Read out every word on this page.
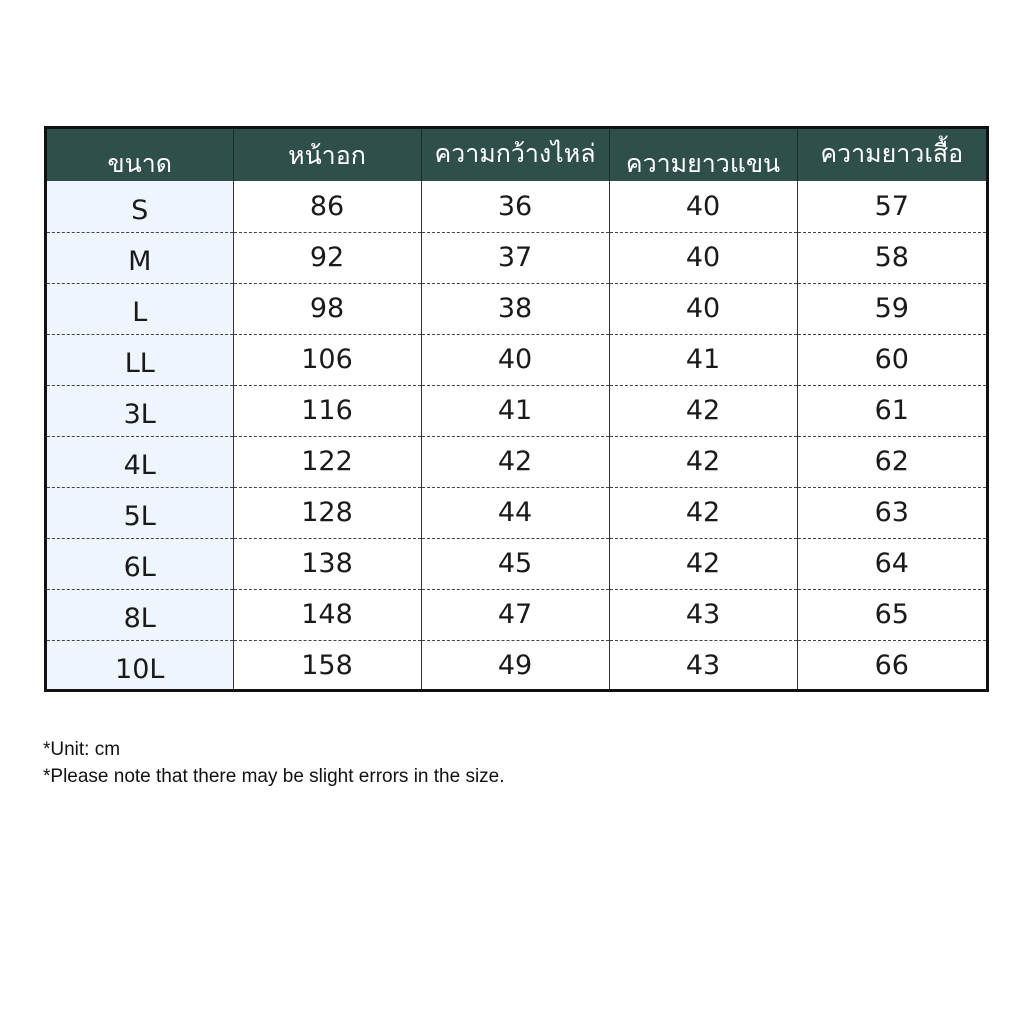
ขนาด	หน้าอก	ความกว้างไหล่	ความยาวแขน	ความยาวเสื้อ

S	86	36	40	57
M	92	37	40	58
L	98	38	40	59
LL	106	40	41	60
3L	116	41	42	61
4L	122	42	42	62
5L	128	44	42	63
6L	138	45	42	64
8L	148	47	43	65
10L	158	49	43	66
*Unit: cm
*Please note that there may be slight errors in the size.
